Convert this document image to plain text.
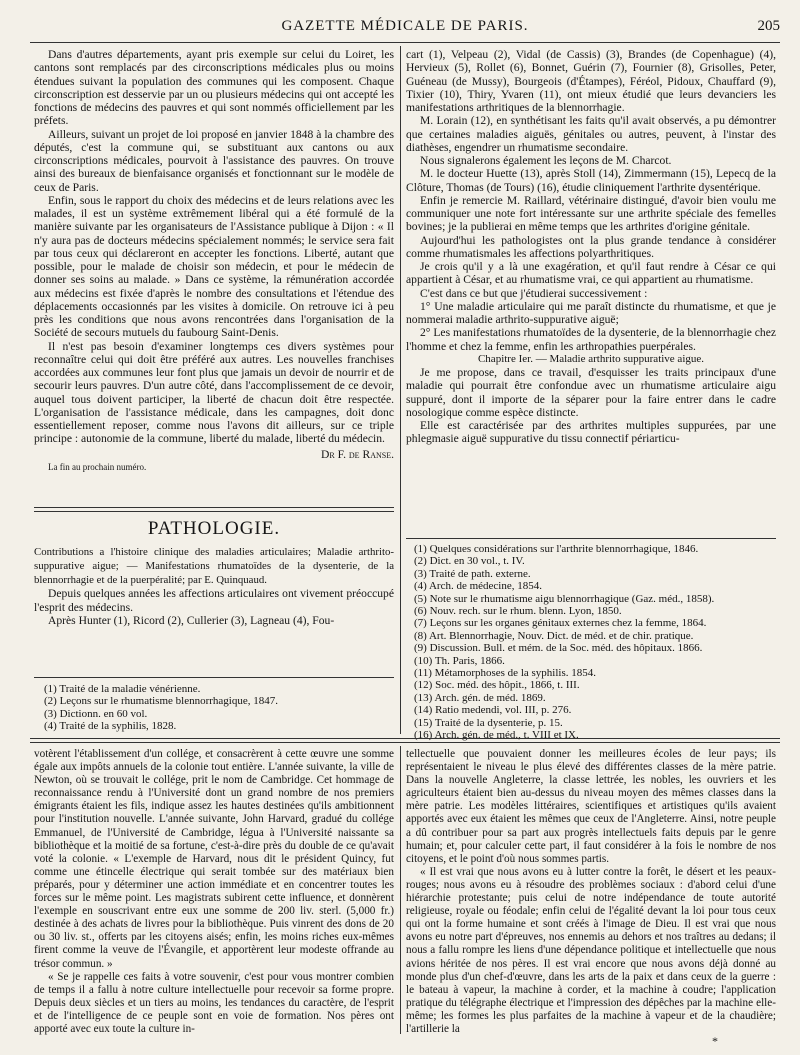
GAZETTE MÉDICALE DE PARIS.	205

Dans d'autres départements, ayant pris exemple sur celui du Loiret, les cantons sont remplacés par des circonscriptions médicales plus ou moins étendues suivant la population des communes qui les composent. Chaque circonscription est desservie par un ou plusieurs médecins qui ont accepté les fonctions de médecins des pauvres et qui sont nommés officiellement par les préfets.

Ailleurs, suivant un projet de loi proposé en janvier 1848 à la chambre des députés, c'est la commune qui, se substituant aux cantons ou aux circonscriptions médicales, pourvoit à l'assistance des pauvres. On trouve ainsi des bureaux de bienfaisance organisés et fonctionnant sur le modèle de ceux de Paris.

Enfin, sous le rapport du choix des médecins et de leurs relations avec les malades, il est un système extrêmement libéral qui a été formulé de la manière suivante par les organisateurs de l'Assistance publique à Dijon : « Il n'y aura pas de docteurs médecins spécialement nommés; le service sera fait par tous ceux qui déclareront en accepter les fonctions. Liberté, autant que possible, pour le malade de choisir son médecin, et pour le médecin de donner ses soins au malade. » Dans ce système, la rémunération accordée aux médecins est fixée d'après le nombre des consultations et l'étendue des déplacements occasionnés par les visites à domicile. On retrouve ici à peu près les conditions que nous avons rencontrées dans l'organisation de la Société de secours mutuels du faubourg Saint-Denis.

Il n'est pas besoin d'examiner longtemps ces divers systèmes pour reconnaître celui qui doit être préféré aux autres. Les nouvelles franchises accordées aux communes leur font plus que jamais un devoir de nourrir et de secourir leurs pauvres. D'un autre côté, dans l'accomplissement de ce devoir, auquel tous doivent participer, la liberté de chacun doit être respectée. L'organisation de l'assistance médicale, dans les campagnes, doit donc essentiellement reposer, comme nous l'avons dit ailleurs, sur ce triple principe : autonomie de la commune, liberté du malade, liberté du médecin.

Dr F. de Ranse.

La fin au prochain numéro.

PATHOLOGIE.

Contributions a l'histoire clinique des maladies articulaires; Maladie arthrito-suppurative aigue; — Manifestations rhumatoïdes de la dysenterie, de la blennorrhagie et de la puerpéralité; par E. Quinquaud.

Depuis quelques années les affections articulaires ont vivement préoccupé l'esprit des médecins.

Après Hunter (1), Ricord (2), Cullerier (3), Lagneau (4), Fou-

(1) Traité de la maladie vénérienne.
(2) Leçons sur le rhumatisme blennorrhagique, 1847.
(3) Dictionn. en 60 vol.
(4) Traité de la syphilis, 1828.

cart (1), Velpeau (2), Vidal (de Cassis) (3), Brandes (de Copenhague) (4), Hervieux (5), Rollet (6), Bonnet, Guérin (7), Fournier (8), Grisolles, Peter, Guéneau (de Mussy), Bourgeois (d'Étampes), Féréol, Pidoux, Chauffard (9), Tixier (10), Thiry, Yvaren (11), ont mieux étudié que leurs devanciers les manifestations arthritiques de la blennorrhagie.

M. Lorain (12), en synthétisant les faits qu'il avait observés, a pu démontrer que certaines maladies aiguës, génitales ou autres, peuvent, à l'instar des diathèses, engendrer un rhumatisme secondaire.

Nous signalerons également les leçons de M. Charcot.

M. le docteur Huette (13), après Stoll (14), Zimmermann (15), Lepecq de la Clôture, Thomas (de Tours) (16), étudie cliniquement l'arthrite dysentérique.

Enfin je remercie M. Raillard, vétérinaire distingué, d'avoir bien voulu me communiquer une note fort intéressante sur une arthrite spéciale des femelles bovines; je la publierai en même temps que les arthrites d'origine génitale.

Aujourd'hui les pathologistes ont la plus grande tendance à considérer comme rhumatismales les affections polyarthritiques.

Je crois qu'il y a là une exagération, et qu'il faut rendre à César ce qui appartient à César, et au rhumatisme vrai, ce qui appartient au rhumatisme.

C'est dans ce but que j'étudierai successivement :

1° Une maladie articulaire qui me paraît distincte du rhumatisme, et que je nommerai maladie arthrito-suppurative aiguë;

2° Les manifestations rhumatoïdes de la dysenterie, de la blennorrhagie chez l'homme et chez la femme, enfin les arthropathies puerpérales.

Chapitre Ier. — Maladie arthrito suppurative aigue.

Je me propose, dans ce travail, d'esquisser les traits principaux d'une maladie qui pourrait être confondue avec un rhumatisme articulaire aigu suppuré, dont il importe de la séparer pour la faire entrer dans le cadre nosologique comme espèce distincte.

Elle est caractérisée par des arthrites multiples suppurées, par une phlegmasie aiguë suppurative du tissu connectif périarticu-

(1) Quelques considérations sur l'arthrite blennorrhagique, 1846.
(2) Dict. en 30 vol., t. IV.
(3) Traité de path. externe.
(4) Arch. de médecine, 1854.
(5) Note sur le rhumatisme aigu blennorrhagique (Gaz. méd., 1858).
(6) Nouv. rech. sur le rhum. blenn. Lyon, 1850.
(7) Leçons sur les organes génitaux externes chez la femme, 1864.
(8) Art. Blennorrhagie, Nouv. Dict. de méd. et de chir. pratique.
(9) Discussion. Bull. et mém. de la Soc. méd. des hôpitaux. 1866.
(10) Th. Paris, 1866.
(11) Métamorphoses de la syphilis. 1854.
(12) Soc. méd. des hôpit., 1866, t. III.
(13) Arch. gén. de méd. 1869.
(14) Ratio medendi, vol. III, p. 276.
(15) Traité de la dysenterie, p. 15.
(16) Arch. gén. de méd., t. VIII et IX.

votèrent l'établissement d'un collége, et consacrèrent à cette œuvre une somme égale aux impôts annuels de la colonie tout entière. L'année suivante, la ville de Newton, où se trouvait le collége, prit le nom de Cambridge. Cet hommage de reconnaissance rendu à l'Université dont un grand nombre de nos premiers émigrants étaient les fils, indique assez les hautes destinées qu'ils ambitionnent pour l'institution nouvelle. L'année suivante, John Harvard, gradué du collége Emmanuel, de l'Université de Cambridge, légua à l'Université naissante sa bibliothèque et la moitié de sa fortune, c'est-à-dire près du double de ce qu'avait voté la colonie. « L'exemple de Harvard, nous dit le président Quincy, fut comme une étincelle électrique qui serait tombée sur des matériaux bien préparés, pour y déterminer une action immédiate et en concentrer toutes les forces sur le même point. Les magistrats subirent cette influence, et donnèrent l'exemple en souscrivant entre eux une somme de 200 liv. sterl. (5,000 fr.) destinée à des achats de livres pour la bibliothèque. Puis vinrent des dons de 20 ou 30 liv. st., offerts par les citoyens aisés; enfin, les moins riches eux-mêmes firent comme la veuve de l'Évangile, et apportèrent leur modeste offrande au trésor commun. »

« Se je rappelle ces faits à votre souvenir, c'est pour vous montrer combien de temps il a fallu à notre culture intellectuelle pour recevoir sa forme propre. Depuis deux siècles et un tiers au moins, les tendances du caractère, de l'esprit et de l'intelligence de ce peuple sont en voie de formation. Nos pères ont apporté avec eux toute la culture in-

tellectuelle que pouvaient donner les meilleures écoles de leur pays; ils représentaient le niveau le plus élevé des différentes classes de la mère patrie. Dans la nouvelle Angleterre, la classe lettrée, les nobles, les ouvriers et les agriculteurs étaient bien au-dessus du niveau moyen des mêmes classes dans la mère patrie. Les modèles littéraires, scientifiques et artistiques qu'ils avaient apportés avec eux étaient les mêmes que ceux de l'Angleterre. Ainsi, notre peuple a dû contribuer pour sa part aux progrès intellectuels faits depuis par le genre humain; et, pour calculer cette part, il faut considérer à la fois le nombre de nos citoyens, et le point d'où nous sommes partis.

« Il est vrai que nous avons eu à lutter contre la forêt, le désert et les peaux-rouges; nous avons eu à résoudre des problèmes sociaux : d'abord celui d'une hiérarchie protestante; puis celui de notre indépendance de toute autorité religieuse, royale ou féodale; enfin celui de l'égalité devant la loi pour tous ceux qui ont la forme humaine et sont créés à l'image de Dieu. Il est vrai que nous avons eu notre part d'épreuves, nos ennemis au dehors et nos traîtres au dedans; il nous a fallu rompre les liens d'une dépendance politique et intellectuelle que nous avions héritée de nos pères. Il est vrai encore que nous avons déjà donné au monde plus d'un chef-d'œuvre, dans les arts de la paix et dans ceux de la guerre : le bateau à vapeur, la machine à corder, et la machine à coudre; l'application pratique du télégraphe électrique et l'impression des dépêches par la machine elle-même; les formes les plus parfaites de la machine à vapeur et de la chaudière; l'artillerie la

*
